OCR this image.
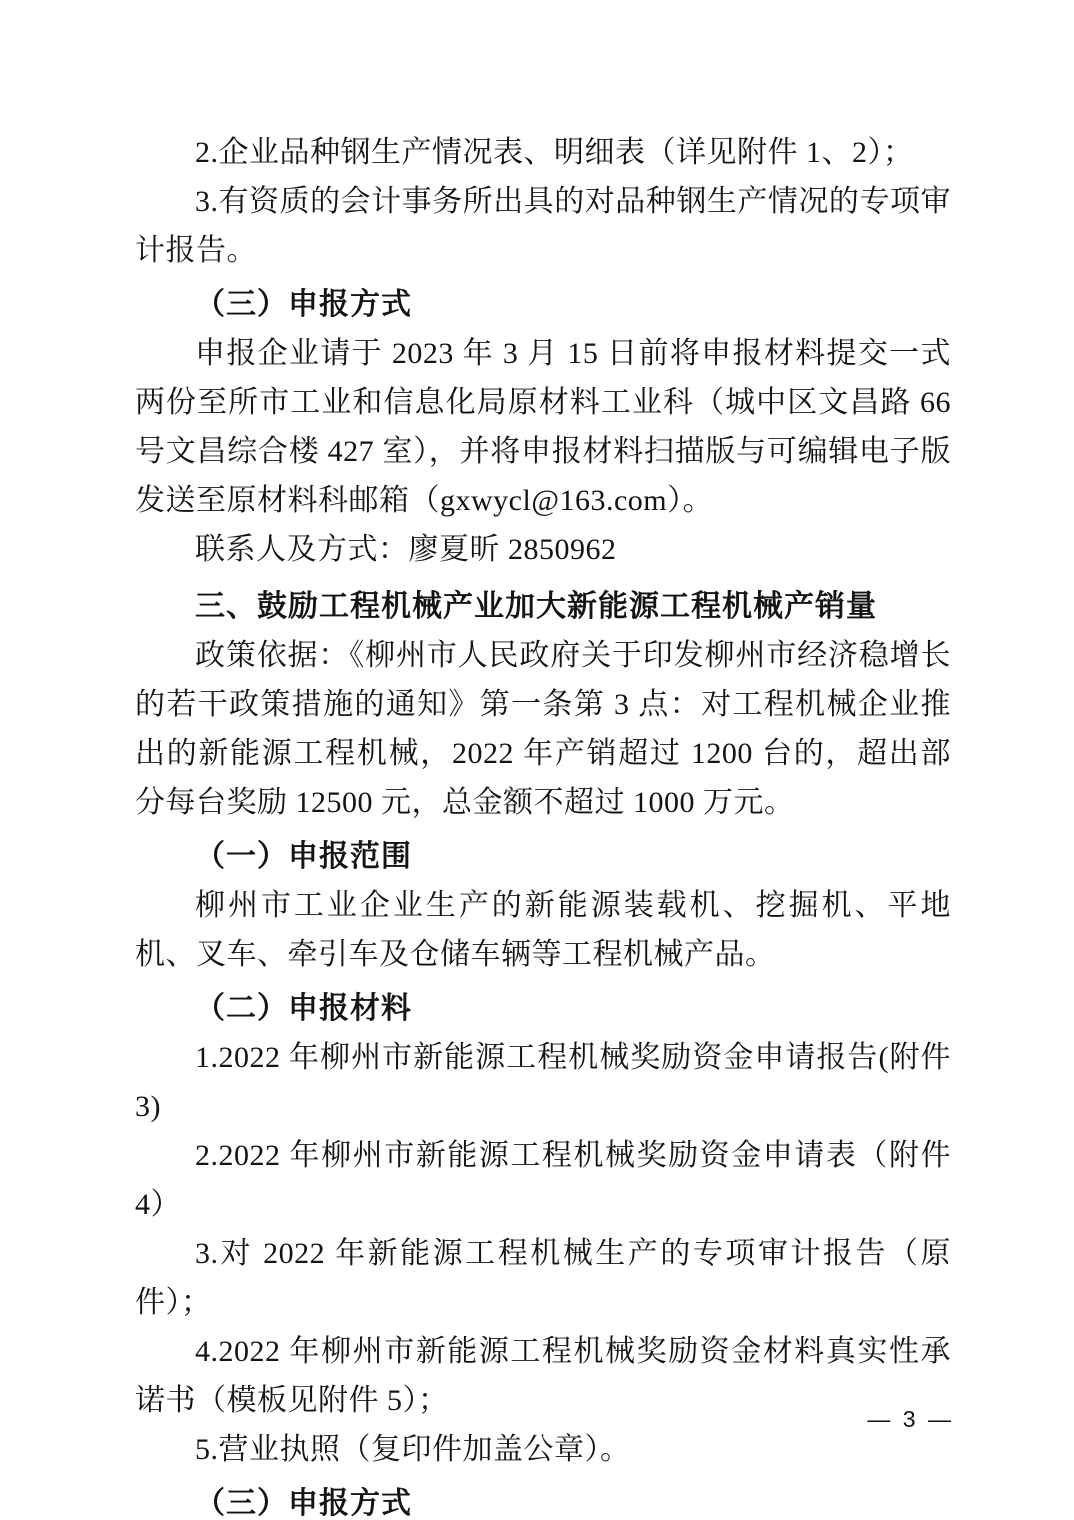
2.企业品种钢生产情况表、明细表（详见附件 1、2）；

3.有资质的会计事务所出具的对品种钢生产情况的专项审计报告。

（三）申报方式

申报企业请于 2023 年 3 月 15 日前将申报材料提交一式两份至所市工业和信息化局原材料工业科（城中区文昌路 66 号文昌综合楼 427 室），并将申报材料扫描版与可编辑电子版发送至原材料科邮箱（gxwycl@163.com）。

联系人及方式：廖夏昕 2850962

三、鼓励工程机械产业加大新能源工程机械产销量

政策依据：《柳州市人民政府关于印发柳州市经济稳增长的若干政策措施的通知》第一条第 3 点：对工程机械企业推出的新能源工程机械，2022 年产销超过 1200 台的，超出部分每台奖励 12500 元，总金额不超过 1000 万元。

（一）申报范围

柳州市工业企业生产的新能源装载机、挖掘机、平地机、叉车、牵引车及仓储车辆等工程机械产品。

（二）申报材料

1.2022 年柳州市新能源工程机械奖励资金申请报告(附件 3)

2.2022 年柳州市新能源工程机械奖励资金申请表（附件 4）

3.对 2022 年新能源工程机械生产的专项审计报告（原件）；

4.2022 年柳州市新能源工程机械奖励资金材料真实性承诺书（模板见附件 5）；

5.营业执照（复印件加盖公章）。

（三）申报方式

— 3 —
